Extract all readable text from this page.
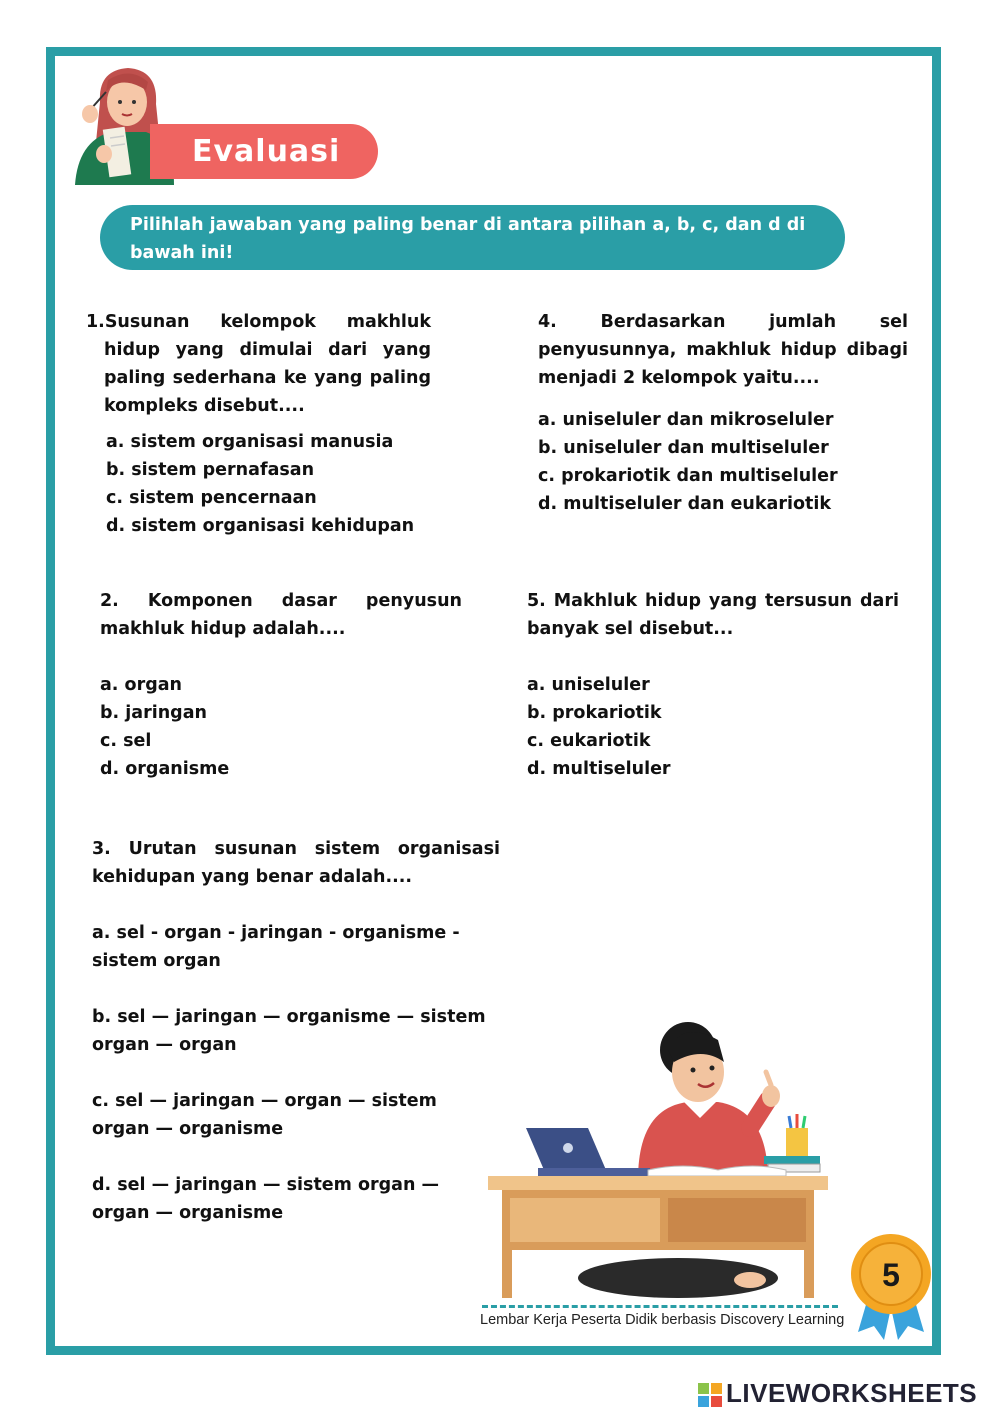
Evaluasi
Pilihlah jawaban yang paling benar di antara pilihan a, b, c, dan d di bawah ini!

1.Susunan kelompok makhluk hidup yang dimulai dari yang paling sederhana ke yang paling kompleks disebut....

a. sistem organisasi manusia
b. sistem pernafasan
c. sistem pencernaan
d. sistem organisasi kehidupan

4. Berdasarkan jumlah sel penyusunnya, makhluk hidup dibagi menjadi 2 kelompok yaitu....

a. uniseluler dan mikroseluler
b. uniseluler dan multiseluler
c. prokariotik dan multiseluler
d. multiseluler dan eukariotik

2. Komponen dasar penyusun makhluk hidup adalah....

a. organ
b. jaringan
c. sel
d. organisme

5. Makhluk hidup yang tersusun dari banyak sel disebut...

a. uniseluler
b. prokariotik
c. eukariotik
d. multiseluler

3. Urutan susunan sistem organisasi kehidupan yang benar adalah....

a. sel - organ - jaringan - organisme - sistem organ
b. sel — jaringan — organisme — sistem organ — organ
c. sel — jaringan — organ — sistem organ — organisme
d. sel — jaringan — sistem organ — organ — organisme
5
Lembar Kerja Peserta Didik berbasis Discovery Learning
LIVEWORKSHEETS
